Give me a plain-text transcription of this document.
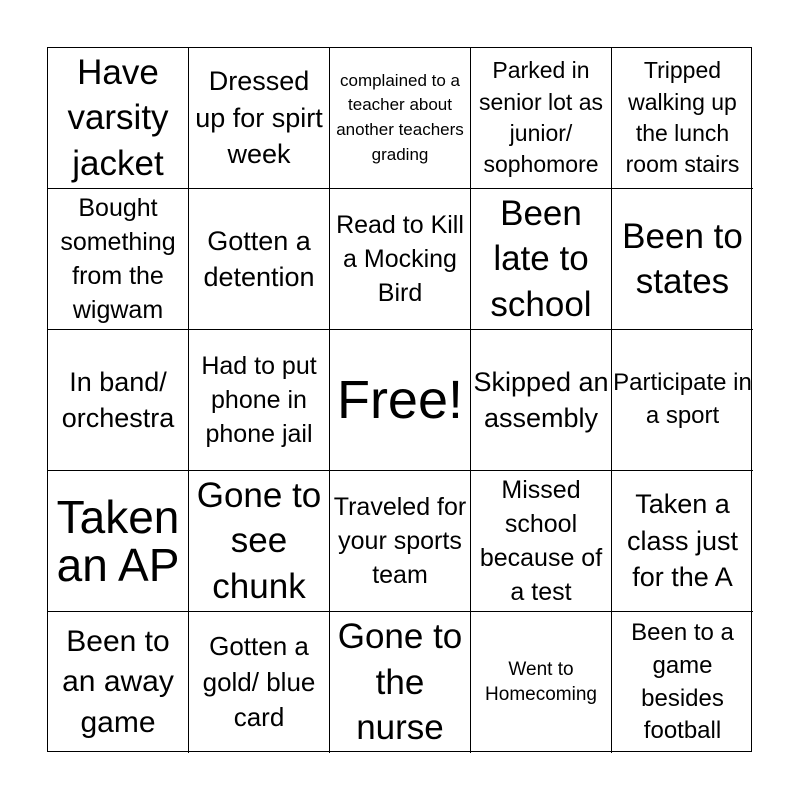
Have varsity jacket
Dressed up for spirt week
complained to a teacher about another teachers grading
Parked in senior lot as junior/ sophomore
Tripped walking up the lunch room stairs
Bought something from the wigwam
Gotten a detention
Read to Kill a Mocking Bird
Been late to school
Been to states
In band/ orchestra
Had to put phone in phone jail
Free! Skipped an assembly
Participate in a sport
Taken an AP
Gone to see chunk
Traveled for your sports team
Missed school because of a test
Taken a class just for the A
Been to an away game
Gotten a gold/ blue card
Gone to the nurse
Went to Homecoming
Been to a game besides football
